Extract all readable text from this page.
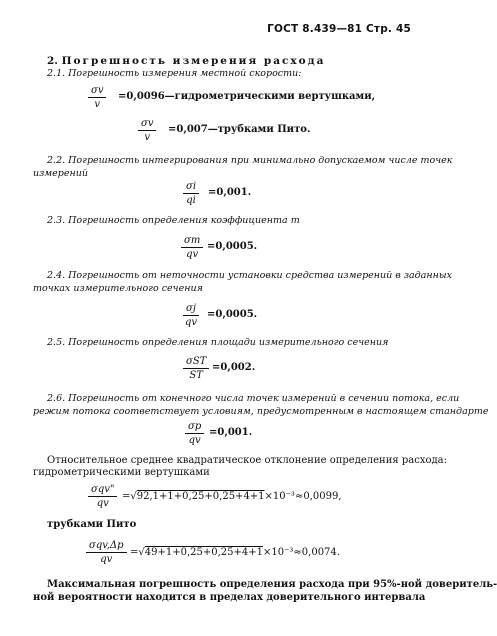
ГОСТ 8.439—81 Стр. 45
2. Погрешность измерения расхода
2.1. Погрешность измерения местной скорости:
$\frac{\sigma v}{v}$ =0,0096—гидрометрическими вертушками,
$\frac{\sigma v}{v}$ =0,007—трубками Пито.
2.2. Погрешность интегрирования при минимально допускаемом числе точек
измерений
$\frac{\sigma i}{qi} =0,001$.
2.3. Погрешность определения коэффициента m
$\frac{\sigma m}{qv} =0,0005$.
2.4. Погрешность от неточности установки средства измерений в заданных
точках измерительного сечения
$\frac{\sigma j}{qv} =0,0005$.
2.5. Погрешность определения площади измерительного сечения
σST
ST
=0,002.
2.6. Погрешность от конечного числа точек измерений в сечении потока, если
режим потока соответствует условиям, предусмотренным в настоящем стандарте
$\frac{\sigma p}{qv} =0,001$.
Относительное среднее квадратическое отклонение определения расхода:
гидрометрическими вертушками
σqv"
qv
=√92,1+1+0,25+0,25+4+1×10⁻³≈0,0099,
трубками Пито
σqv,Δp
qv
=√49+1+0,25+0,25+4+1×10⁻³≈0,0074.
Максимальная погрешность определения расхода при 95%-ной доверитель-
ной вероятности находится в пределах доверительного интервала
